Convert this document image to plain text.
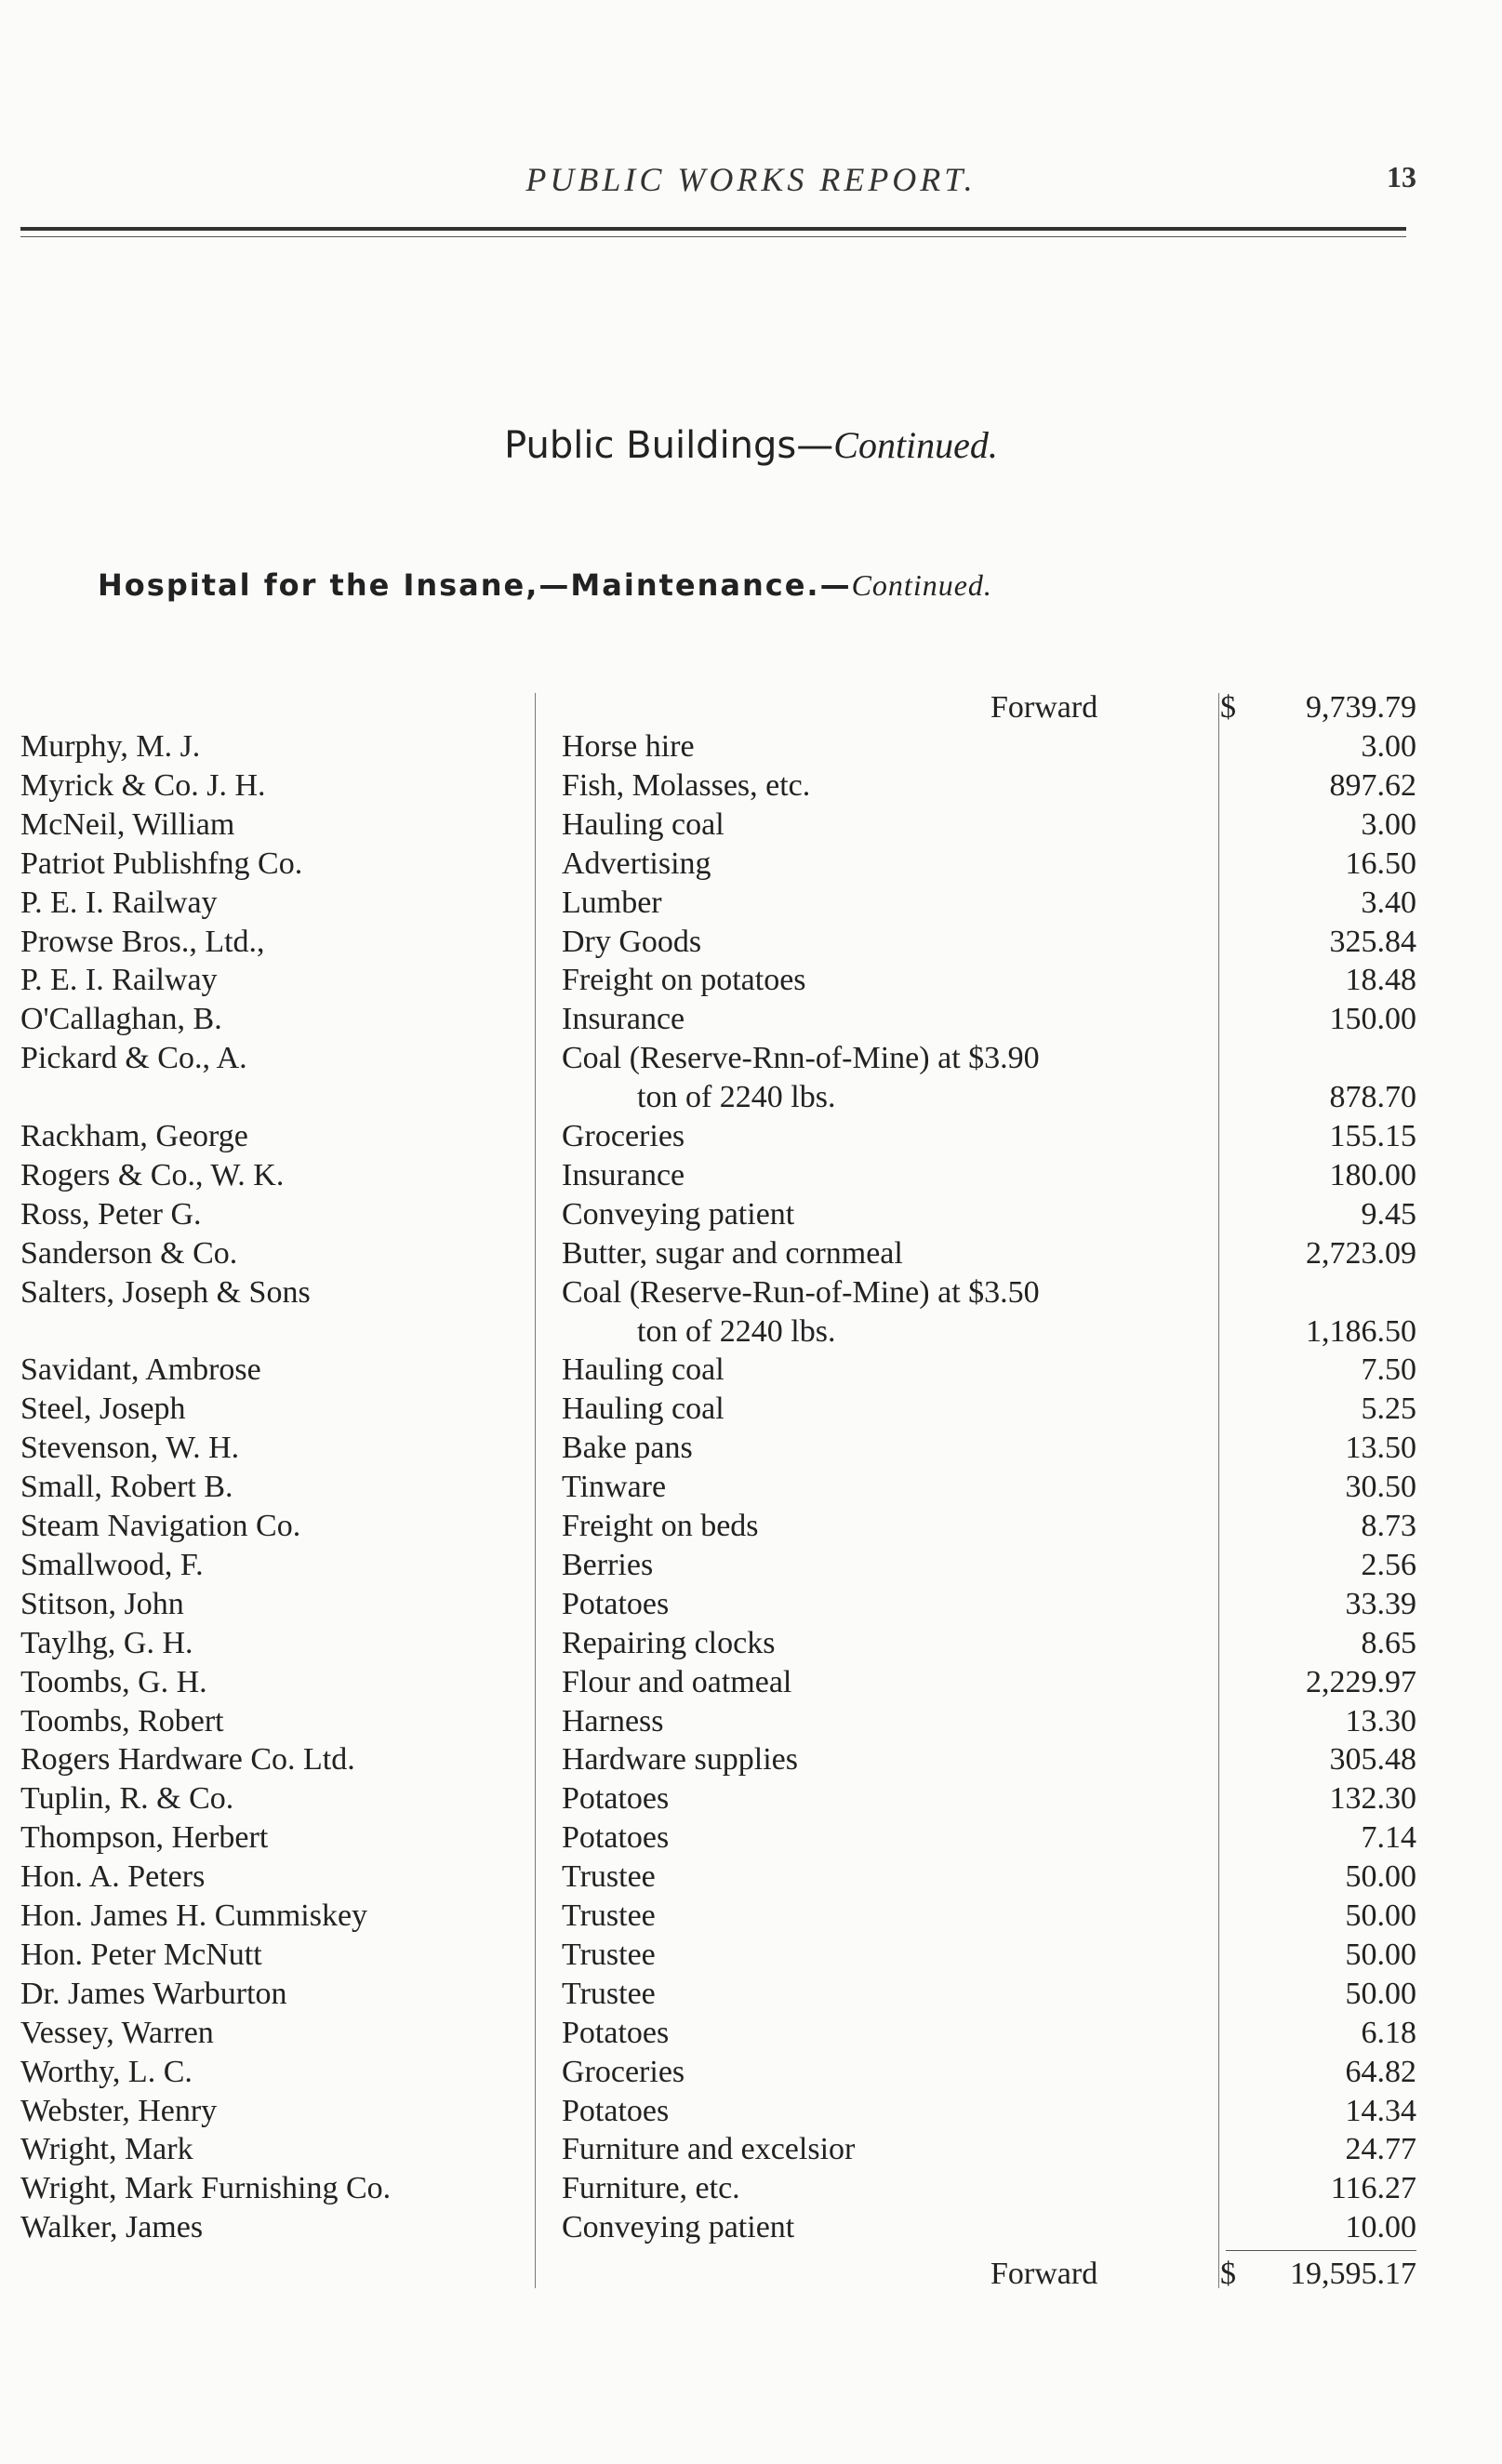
PUBLIC WORKS REPORT.	13
Public Buildings—Continued.
Hospital for the Insane,—Maintenance.—Continued.
Forward	$ 9,739.79
Murphy, M. J.	Horse hire	3.00
Myrick & Co. J. H.	Fish, Molasses, etc.	897.62
McNeil, William	Hauling coal	3.00
Patriot Publishfng Co.	Advertising	16.50
P. E. I. Railway	Lumber	3.40
Prowse Bros., Ltd.,	Dry Goods	325.84
P. E. I. Railway	Freight on potatoes	18.48
O'Callaghan, B.	Insurance	150.00
Pickard & Co., A.	Coal (Reserve-Rnn-of-Mine) at $3.90
ton of 2240 lbs.	878.70
Rackham, George	Groceries	155.15
Rogers & Co., W. K.	Insurance	180.00
Ross, Peter G.	Conveying patient	9.45
Sanderson & Co.	Butter, sugar and cornmeal	2,723.09
Salters, Joseph & Sons	Coal (Reserve-Run-of-Mine) at $3.50
ton of 2240 lbs.	1,186.50
Savidant, Ambrose	Hauling coal	7.50
Steel, Joseph	Hauling coal	5.25
Stevenson, W. H.	Bake pans	13.50
Small, Robert B.	Tinware	30.50
Steam Navigation Co.	Freight on beds	8.73
Smallwood, F.	Berries	2.56
Stitson, John	Potatoes	33.39
Taylhg, G. H.	Repairing clocks	8.65
Toombs, G. H.	Flour and oatmeal	2,229.97
Toombs, Robert	Harness	13.30
Rogers Hardware Co. Ltd.	Hardware supplies	305.48
Tuplin, R. & Co.	Potatoes	132.30
Thompson, Herbert	Potatoes	7.14
Hon. A. Peters	Trustee	50.00
Hon. James H. Cummiskey	Trustee	50.00
Hon. Peter McNutt	Trustee	50.00
Dr. James Warburton	Trustee	50.00
Vessey, Warren	Potatoes	6.18
Worthy, L. C.	Groceries	64.82
Webster, Henry	Potatoes	14.34
Wright, Mark	Furniture and excelsior	24.77
Wright, Mark Furnishing Co.	Furniture, etc.	116.27
Walker, James	Conveying patient	10.00
Forward	$ 19,595.17
